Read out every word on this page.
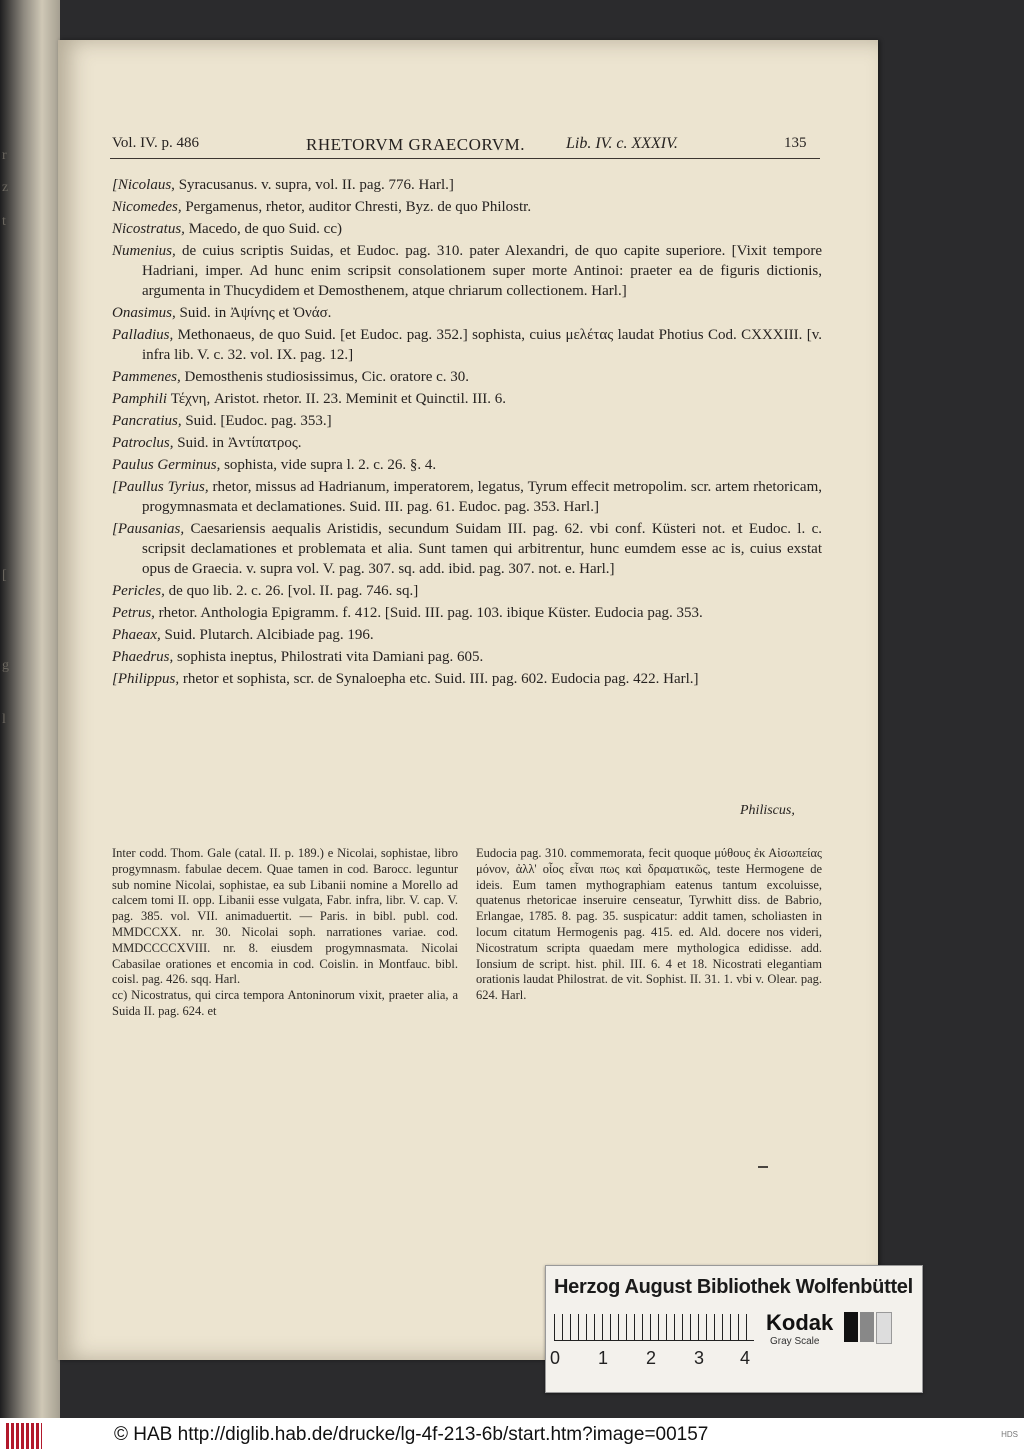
r
z
t
[
g
l
Vol. IV. p. 486	RHETORVM GRAECORVM.	Lib. IV. c. XXXIV.	135

[Nicolaus, Syracusanus. v. supra, vol. II. pag. 776. Harl.]

Nicomedes, Pergamenus, rhetor, auditor Chresti, Byz. de quo Philostr.

Nicostratus, Macedo, de quo Suid. cc)

Numenius, de cuius scriptis Suidas, et Eudoc. pag. 310. pater Alexandri, de quo capite superiore. [Vixit tempore Hadriani, imper. Ad hunc enim scripsit consolationem super morte Antinoi: praeter ea de figuris dictionis, argumenta in Thucydidem et Demosthenem, atque chriarum collectionem. Harl.]

Onasimus, Suid. in Ἀψίνης et Ὀνάσ.

Palladius, Methonaeus, de quo Suid. [et Eudoc. pag. 352.] sophista, cuius μελέτας laudat Photius Cod. CXXXIII. [v. infra lib. V. c. 32. vol. IX. pag. 12.]

Pammenes, Demosthenis studiosissimus, Cic. oratore c. 30.

Pamphili Τέχνη, Aristot. rhetor. II. 23. Meminit et Quinctil. III. 6.

Pancratius, Suid. [Eudoc. pag. 353.]

Patroclus, Suid. in Ἀντίπατρος.

Paulus Germinus, sophista, vide supra l. 2. c. 26. §. 4.

[Paullus Tyrius, rhetor, missus ad Hadrianum, imperatorem, legatus, Tyrum effecit metropolim. scr. artem rhetoricam, progymnasmata et declamationes. Suid. III. pag. 61. Eudoc. pag. 353. Harl.]

[Pausanias, Caesariensis aequalis Aristidis, secundum Suidam III. pag. 62. vbi conf. Küsteri not. et Eudoc. l. c. scripsit declamationes et problemata et alia. Sunt tamen qui arbitrentur, hunc eumdem esse ac is, cuius exstat opus de Graecia. v. supra vol. V. pag. 307. sq. add. ibid. pag. 307. not. e. Harl.]

Pericles, de quo lib. 2. c. 26. [vol. II. pag. 746. sq.]

Petrus, rhetor. Anthologia Epigramm. f. 412. [Suid. III. pag. 103. ibique Küster. Eudocia pag. 353.

Phaeax, Suid. Plutarch. Alcibiade pag. 196.

Phaedrus, sophista ineptus, Philostrati vita Damiani pag. 605.

[Philippus, rhetor et sophista, scr. de Synaloepha etc. Suid. III. pag. 602. Eudocia pag. 422. Harl.]

Philiscus,
Inter codd. Thom. Gale (catal. II. p. 189.) e Nicolai, sophistae, libro progymnasm. fabulae decem. Quae tamen in cod. Barocc. leguntur sub nomine Nicolai, sophistae, ea sub Libanii nomine a Morello ad calcem tomi II. opp. Libanii esse vulgata, Fabr. infra, libr. V. cap. V. pag. 385. vol. VII. animaduertit. — Paris. in bibl. publ. cod. MMDCCXX. nr. 30. Nicolai soph. narrationes variae. cod. MMDCCCCXVIII. nr. 8. eiusdem progymnasmata. Nicolai Cabasilae orationes et encomia in cod. Coislin. in Montfauc. bibl. coisl. pag. 426. sqq. Harl.
cc) Nicostratus, qui circa tempora Antoninorum vixit, praeter alia, a Suida II. pag. 624. et
Eudocia pag. 310. commemorata, fecit quoque μύθους ἐκ Αἰσωπείας μόνον, ἀλλ' οἷος εἶναι πως καὶ δραματικῶς, teste Hermogene de ideis. Eum tamen mythographiam eatenus tantum excoluisse, quatenus rhetoricae inseruire censeatur, Tyrwhitt diss. de Babrio, Erlangae, 1785. 8. pag. 35. suspicatur: addit tamen, scholiasten in locum citatum Hermogenis pag. 415. ed. Ald. docere nos videri, Nicostratum scripta quaedam mere mythologica edidisse. add. Ionsium de script. hist. phil. III. 6. 4 et 18. Nicostrati elegantiam orationis laudat Philostrat. de vit. Sophist. II. 31. 1. vbi v. Olear. pag. 624. Harl.
Herzog August Bibliothek Wolfenbüttel
0 1 2 3 4
Kodak
Gray Scale
© HAB http://diglib.hab.de/drucke/lg-4f-213-6b/start.htm?image=00157	HDS
